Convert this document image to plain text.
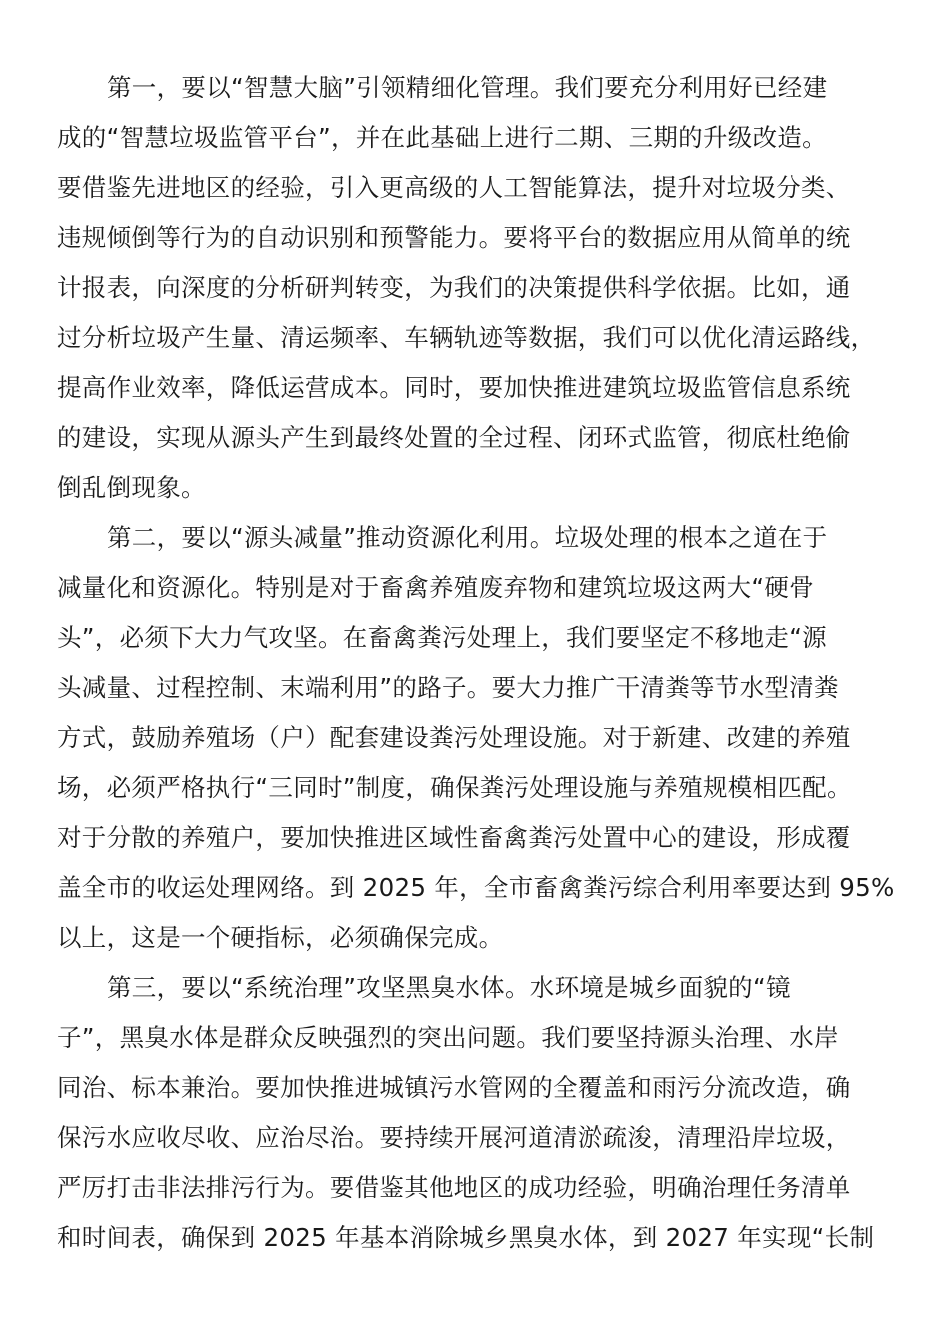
第一，要以“智慧大脑”引领精细化管理。我们要充分利用好已经建
成的“智慧垃圾监管平台”，并在此基础上进行二期、三期的升级改造。
要借鉴先进地区的经验，引入更高级的人工智能算法，提升对垃圾分类、
违规倾倒等行为的自动识别和预警能力。要将平台的数据应用从简单的统
计报表，向深度的分析研判转变，为我们的决策提供科学依据。比如，通
过分析垃圾产生量、清运频率、车辆轨迹等数据，我们可以优化清运路线，
提高作业效率，降低运营成本。同时，要加快推进建筑垃圾监管信息系统
的建设，实现从源头产生到最终处置的全过程、闭环式监管，彻底杜绝偷
倒乱倒现象。
第二，要以“源头减量”推动资源化利用。垃圾处理的根本之道在于
减量化和资源化。特别是对于畜禽养殖废弃物和建筑垃圾这两大“硬骨
头”，必须下大力气攻坚。在畜禽粪污处理上，我们要坚定不移地走“源
头减量、过程控制、末端利用”的路子。要大力推广干清粪等节水型清粪
方式，鼓励养殖场（户）配套建设粪污处理设施。对于新建、改建的养殖
场，必须严格执行“三同时”制度，确保粪污处理设施与养殖规模相匹配。
对于分散的养殖户，要加快推进区域性畜禽粪污处置中心的建设，形成覆
盖全市的收运处理网络。到 2025 年，全市畜禽粪污综合利用率要达到 95%
以上，这是一个硬指标，必须确保完成。
第三，要以“系统治理”攻坚黑臭水体。水环境是城乡面貌的“镜
子”，黑臭水体是群众反映强烈的突出问题。我们要坚持源头治理、水岸
同治、标本兼治。要加快推进城镇污水管网的全覆盖和雨污分流改造，确
保污水应收尽收、应治尽治。要持续开展河道清淤疏浚，清理沿岸垃圾，
严厉打击非法排污行为。要借鉴其他地区的成功经验，明确治理任务清单
和时间表，确保到 2025 年基本消除城乡黑臭水体，到 2027 年实现“长制
